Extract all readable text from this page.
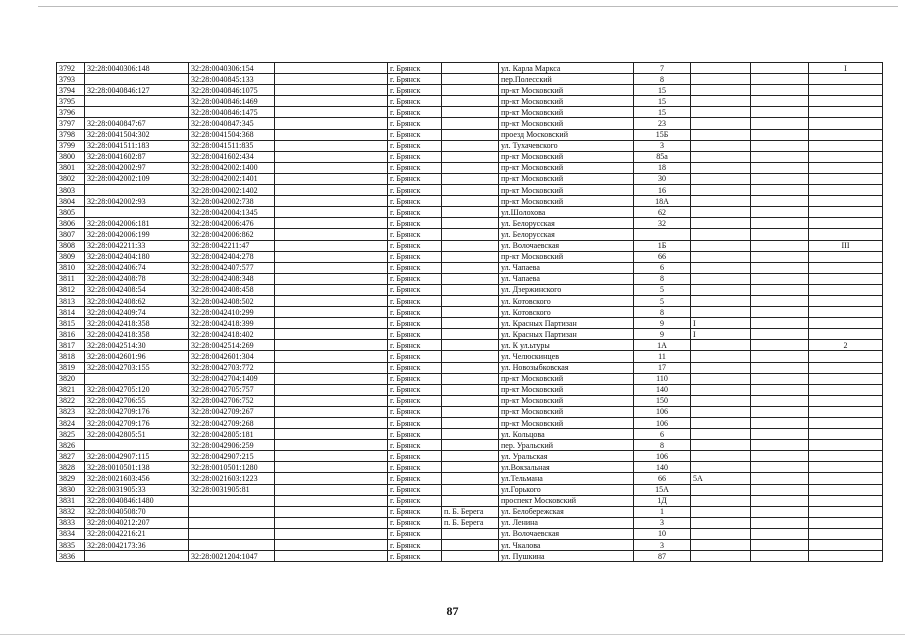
3792	32:28:0040306:148	32:28:0040306:154		г. Брянск		ул. Карла Маркса	7			I
3793		32:28:0040845:133		г. Брянск		пер.Полесский	8			
3794	32:28:0040846:127	32:28:0040846:1075		г. Брянск		пр-кт Московский	15			
3795		32:28:0040846:1469		г. Брянск		пр-кт Московский	15			
3796		32:28:0040846:1475		г. Брянск		пр-кт Московский	15			
3797	32:28:0040847:67	32:28:0040847:345		г. Брянск		пр-кт Московский	23			
3798	32:28:0041504:302	32:28:0041504:368		г. Брянск		проезд Московский	15Б			
3799	32:28:0041511:183	32:28:0041511:835		г. Брянск		ул. Тухачевского	3			
3800	32:28:0041602:87	32:28:0041602:434		г. Брянск		пр-кт Московский	85а			
3801	32:28:0042002:97	32:28:0042002:1400		г. Брянск		пр-кт Московский	18			
3802	32:28:0042002:109	32:28:0042002:1401		г. Брянск		пр-кт Московский	30			
3803		32:28:0042002:1402		г. Брянск		пр-кт Московский	16			
3804	32:28:0042002:93	32:28:0042002:738		г. Брянск		пр-кт Московский	18А			
3805		32:28:0042004:1345		г. Брянск		ул.Шолохова	62			
3806	32:28:0042006:181	32:28:0042006:476		г. Брянск		ул. Белорусская	32			
3807	32:28:0042006:199	32:28:0042006:862		г. Брянск		ул. Белорусская				
3808	32:28:0042211:33	32:28:0042211:47		г. Брянск		ул. Волочаевская	1Б			III
3809	32:28:0042404:180	32:28:0042404:278		г. Брянск		пр-кт Московский	66			
3810	32:28:0042406:74	32:28:0042407:577		г. Брянск		ул. Чапаева	6			
3811	32:28:0042408:78	32:28:0042408:348		г. Брянск		ул. Чапаева	8			
3812	32:28:0042408:54	32:28:0042408:458		г. Брянск		ул. Дзержинского	5			
3813	32:28:0042408:62	32:28:0042408:502		г. Брянск		ул. Котовского	5			
3814	32:28:0042409:74	32:28:0042410:299		г. Брянск		ул. Котовского	8			
3815	32:28:0042418:358	32:28:0042418:399		г. Брянск		ул. Красных Партизан	9	I		
3816	32:28:0042418:358	32:28:0042418:402		г. Брянск		ул. Красных Партизан	9	I		
3817	32:28:0042514:30	32:28:0042514:269		г. Брянск		ул. К ул.ьтуры	1А			2
3818	32:28:0042601:96	32:28:0042601:304		г. Брянск		ул. Челюскинцев	11			
3819	32:28:0042703:155	32:28:0042703:772		г. Брянск		ул. Новозыбковская	17			
3820		32:28:0042704:1409		г. Брянск		пр-кт Московский	110			
3821	32:28:0042705:120	32:28:0042705:757		г. Брянск		пр-кт Московский	140			
3822	32:28:0042706:55	32:28:0042706:752		г. Брянск		пр-кт Московский	150			
3823	32:28:0042709:176	32:28:0042709:267		г. Брянск		пр-кт Московский	106			
3824	32:28:0042709:176	32:28:0042709:268		г. Брянск		пр-кт Московский	106			
3825	32:28:0042805:51	32:28:0042805:181		г. Брянск		ул. Кольцова	6			
3826		32:28:0042906:259		г. Брянск		пер. Уральский	8			
3827	32:28:0042907:115	32:28:0042907:215		г. Брянск		ул. Уральская	106			
3828	32:28:0010501:138	32:28:0010501:1280		г. Брянск		ул.Вокзальная	140			
3829	32:28:0021603:456	32:28:0021603:1223		г. Брянск		ул.Тельмана	66	5А		
3830	32:28:0031905:33	32:28:0031905:81		г. Брянск		ул.Горького	15А			
3831	32:28:0040846:1480			г. Брянск		проспект Московский	1Д			
3832	32:28:0040508:70			г. Брянск	п. Б. Берега	ул. Белобережская	1			
3833	32:28:0040212:207			г. Брянск	п. Б. Берега	ул. Ленина	3			
3834	32:28:0042216:21			г. Брянск		ул. Волочаевская	10			
3835	32:28:0042173:36			г. Брянск		ул. Чкалова	3			
3836		32:28:0021204:1047		г. Брянск		ул. Пушкина	87			
87
